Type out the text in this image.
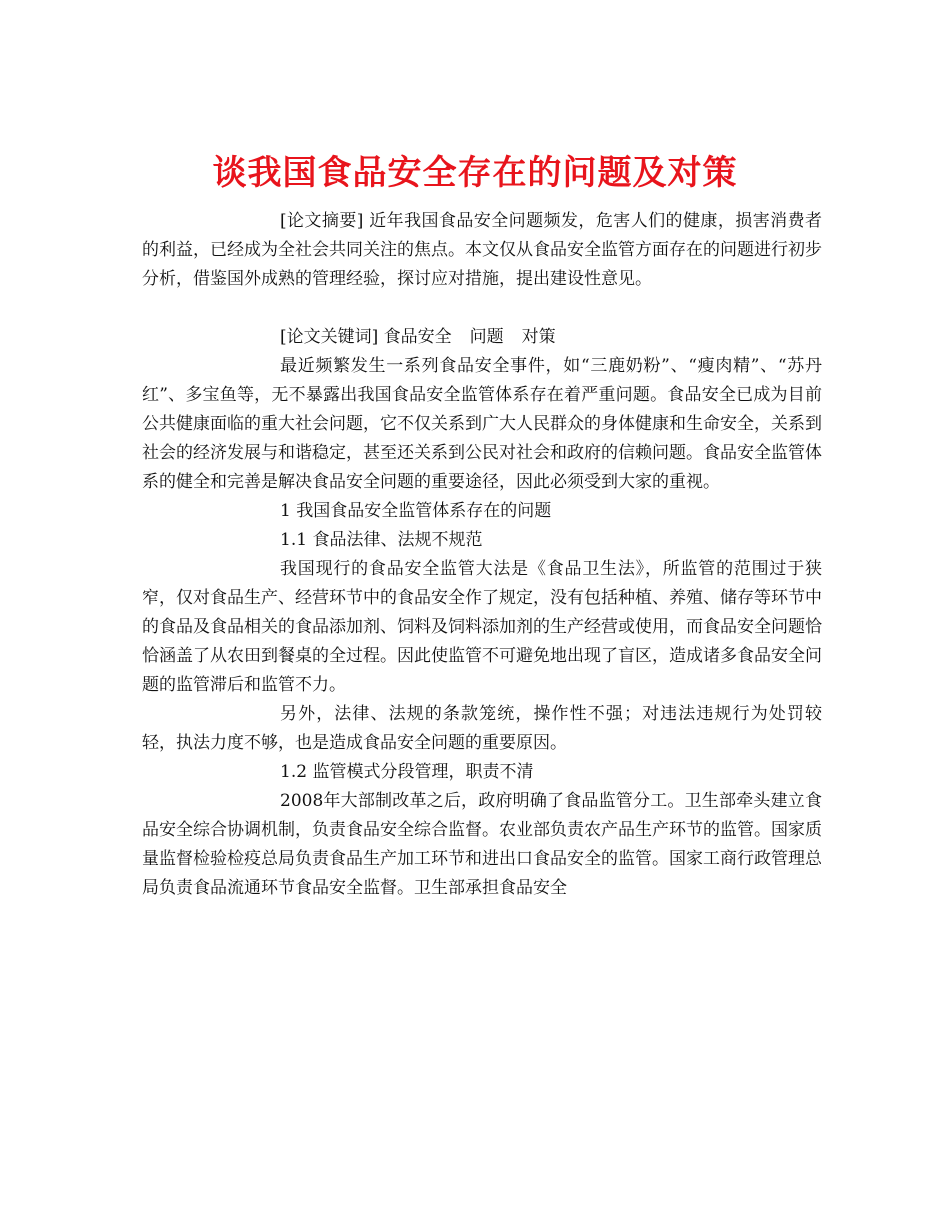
谈我国食品安全存在的问题及对策

[论文摘要] 近年我国食品安全问题频发，危害人们的健康，损害消费者的利益，已经成为全社会共同关注的焦点。本文仅从食品安全监管方面存在的问题进行初步分析，借鉴国外成熟的管理经验，探讨应对措施，提出建设性意见。

[论文关键词] 食品安全 问题 对策

最近频繁发生一系列食品安全事件，如“三鹿奶粉”、“瘦肉精”、“苏丹红”、多宝鱼等，无不暴露出我国食品安全监管体系存在着严重问题。食品安全已成为目前公共健康面临的重大社会问题，它不仅关系到广大人民群众的身体健康和生命安全，关系到社会的经济发展与和谐稳定，甚至还关系到公民对社会和政府的信赖问题。食品安全监管体系的健全和完善是解决食品安全问题的重要途径，因此必须受到大家的重视。

1 我国食品安全监管体系存在的问题

1.1 食品法律、法规不规范

我国现行的食品安全监管大法是《食品卫生法》，所监管的范围过于狭窄，仅对食品生产、经营环节中的食品安全作了规定，没有包括种植、养殖、储存等环节中的食品及食品相关的食品添加剂、饲料及饲料添加剂的生产经营或使用，而食品安全问题恰恰涵盖了从农田到餐桌的全过程。因此使监管不可避免地出现了盲区，造成诸多食品安全问题的监管滞后和监管不力。

另外，法律、法规的条款笼统，操作性不强；对违法违规行为处罚较轻，执法力度不够，也是造成食品安全问题的重要原因。

1.2 监管模式分段管理，职责不清

2008年大部制改革之后，政府明确了食品监管分工。卫生部牵头建立食品安全综合协调机制，负责食品安全综合监督。农业部负责农产品生产环节的监管。国家质量监督检验检疫总局负责食品生产加工环节和进出口食品安全的监管。国家工商行政管理总局负责食品流通环节食品安全监督。卫生部承担食品安全
